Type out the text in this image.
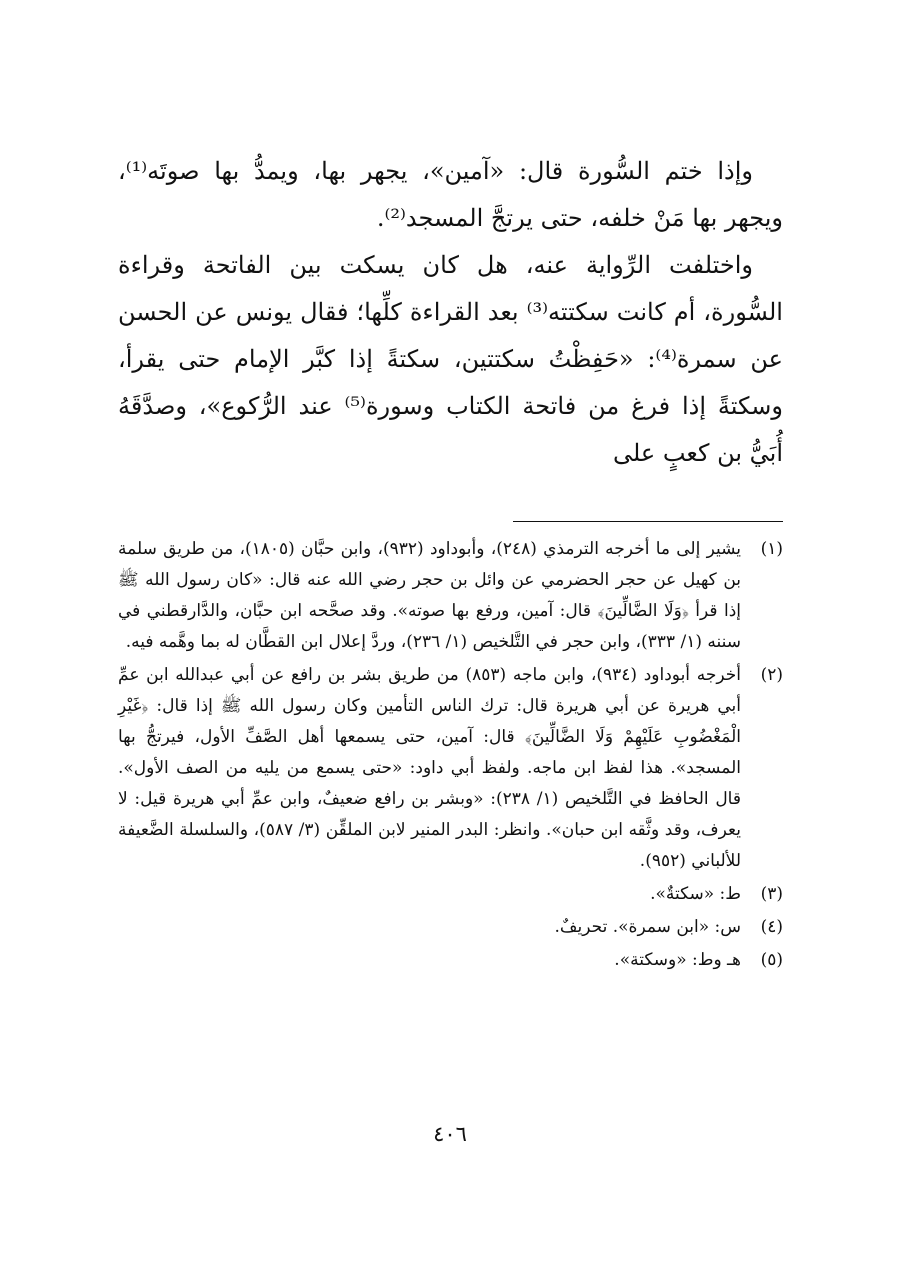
وإذا ختم السُّورة قال: «آمين»، يجهر بها، ويمدُّ بها صوتَه⁽¹⁾، ويجهر بها مَنْ خلفه، حتى يرتجَّ المسجد⁽²⁾.

واختلفت الرِّواية عنه، هل كان يسكت بين الفاتحة وقراءة السُّورة، أم كانت سكتته⁽³⁾ بعد القراءة كلِّها؛ فقال يونس عن الحسن عن سمرة⁽⁴⁾: «حَفِظْتُ سكتتين، سكتةً إذا كبَّر الإمام حتى يقرأ، وسكتةً إذا فرغ من فاتحة الكتاب وسورة⁽⁵⁾ عند الرُّكوع»، وصدَّقَهُ أُبَيُّ بن كعبٍ على

(١)
يشير إلى ما أخرجه الترمذي (٢٤٨)، وأبوداود (٩٣٢)، وابن حبَّان (١٨٠٥)، من طريق سلمة بن كهيل عن حجر الحضرمي عن وائل بن حجر رضي الله عنه قال: «كان رسول الله ﷺ إذا قرأ ﴿وَلَا الضَّالِّينَ﴾ قال: آمين، ورفع بها صوته». وقد صحَّحه ابن حبَّان، والدَّارقطني في سننه (١/ ٣٣٣)، وابن حجر في التَّلخيص (١/ ٢٣٦)، وردَّ إعلال ابن القطَّان له بما وهَّمه فيه.
(٢)
أخرجه أبوداود (٩٣٤)، وابن ماجه (٨٥٣) من طريق بشر بن رافع عن أبي عبدالله ابن عمِّ أبي هريرة عن أبي هريرة قال: ترك الناس التأمين وكان رسول الله ﷺ إذا قال: ﴿غَيْرِ الْمَغْضُوبِ عَلَيْهِمْ وَلَا الضَّالِّينَ﴾ قال: آمين، حتى يسمعها أهل الصَّفِّ الأول، فيرتجُّ بها المسجد». هذا لفظ ابن ماجه. ولفظ أبي داود: «حتى يسمع من يليه من الصف الأول». قال الحافظ في التَّلخيص (١/ ٢٣٨): «وبشر بن رافع ضعيفٌ، وابن عمِّ أبي هريرة قيل: لا يعرف، وقد وثَّقه ابن حبان». وانظر: البدر المنير لابن الملقِّن (٣/ ٥٨٧)، والسلسلة الضَّعيفة للألباني (٩٥٢).
(٣)
ط: «سكتةٌ».
(٤)
س: «ابن سمرة». تحريفٌ.
(٥)
هـ وط: «وسكتة».
٤٠٦
